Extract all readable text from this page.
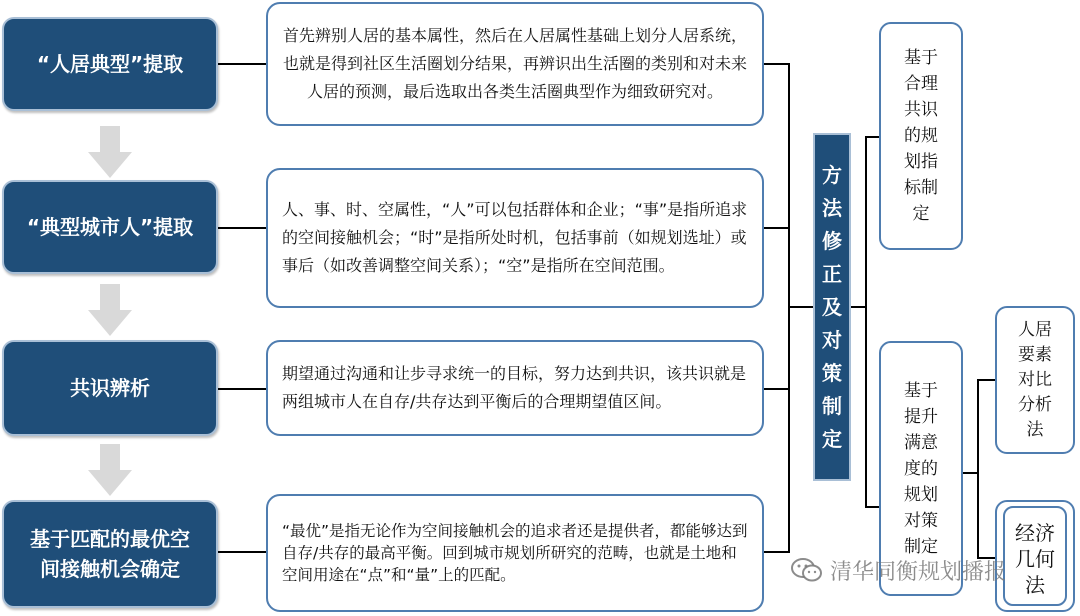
“人居典型”提取
“典型城市人”提取
共识辨析
基于匹配的最优空间接触机会确定
首先辨别人居的基本属性，然后在人居属性基础上划分人居系统，也就是得到社区生活圈划分结果，再辨识出生活圈的类别和对未来人居的预测，最后选取出各类生活圈典型作为细致研究对。
人、事、时、空属性，“人”可以包括群体和企业；“事”是指所追求的空间接触机会；“时”是指所处时机，包括事前（如规划选址）或事后（如改善调整空间关系）；“空”是指所在空间范围。
期望通过沟通和让步寻求统一的目标，努力达到共识，该共识就是两组城市人在自存/共存达到平衡后的合理期望值区间。
“最优”是指无论作为空间接触机会的追求者还是提供者，都能够达到自存/共存的最高平衡。回到城市规划所研究的范畴，也就是土地和空间用途在“点”和“量”上的匹配。
方法修正及对策制定
基于合理共识的规划指标制定
基于提升满意度的规划对策制定
人居要素对比分析法
经济几何法
清华同衡规划播报
